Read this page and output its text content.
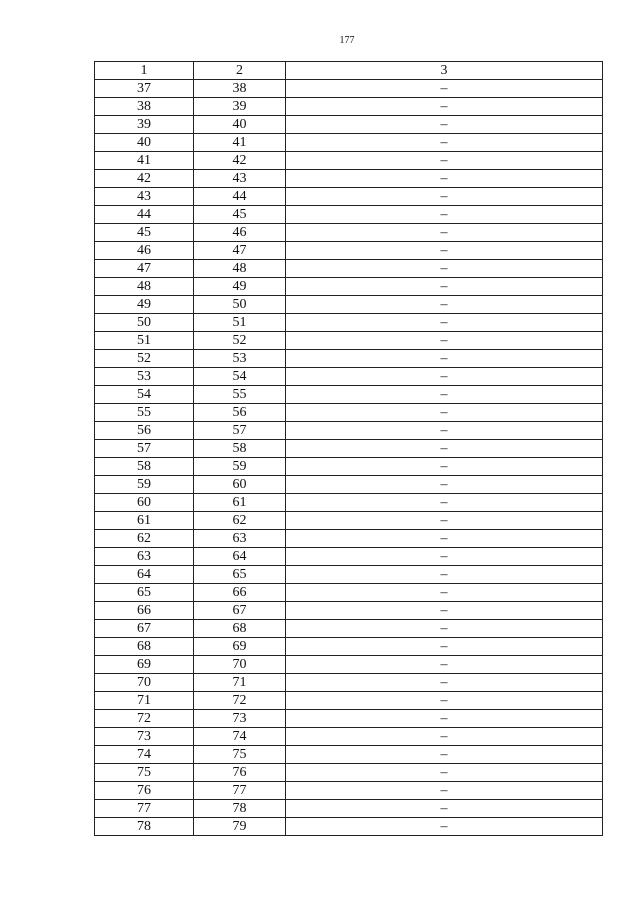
177
1	2	3
37	38	–
38	39	–
39	40	–
40	41	–
41	42	–
42	43	–
43	44	–
44	45	–
45	46	–
46	47	–
47	48	–
48	49	–
49	50	–
50	51	–
51	52	–
52	53	–
53	54	–
54	55	–
55	56	–
56	57	–
57	58	–
58	59	–
59	60	–
60	61	–
61	62	–
62	63	–
63	64	–
64	65	–
65	66	–
66	67	–
67	68	–
68	69	–
69	70	–
70	71	–
71	72	–
72	73	–
73	74	–
74	75	–
75	76	–
76	77	–
77	78	–
78	79	–
